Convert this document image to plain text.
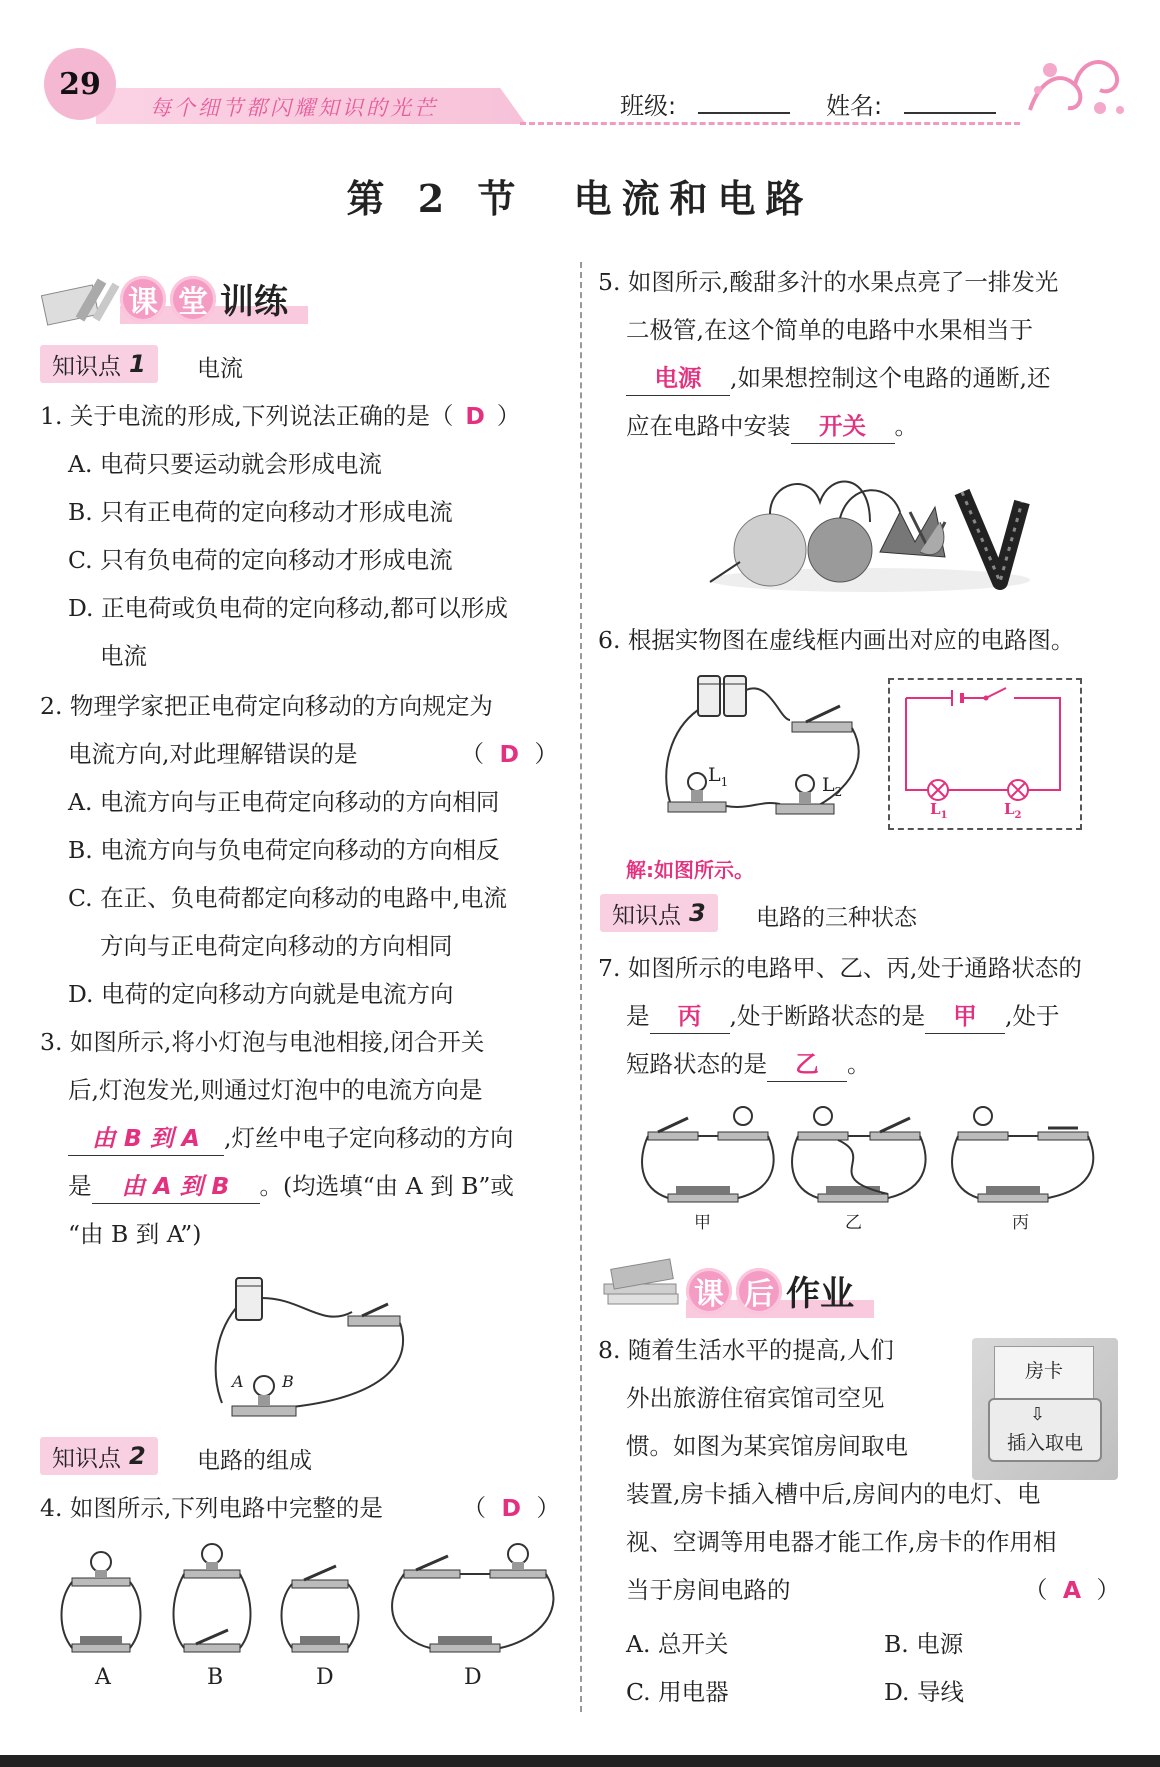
29
每个细节都闪耀知识的光芒	班级:	姓名:
第 2 节　电流和电路
课 堂 训练
知识点 1 电流
1. 关于电流的形成,下列说法正确的是（ D ）
A. 电荷只要运动就会形成电流
B. 只有正电荷的定向移动才形成电流
C. 只有负电荷的定向移动才形成电流
D. 正电荷或负电荷的定向移动,都可以形成
电流
2. 物理学家把正电荷定向移动的方向规定为
电流方向,对此理解错误的是	（ D ）
A. 电流方向与正电荷定向移动的方向相同
B. 电流方向与负电荷定向移动的方向相反
C. 在正、负电荷都定向移动的电路中,电流
方向与正电荷定向移动的方向相同
D. 电荷的定向移动方向就是电流方向
3. 如图所示,将小灯泡与电池相接,闭合开关
后,灯泡发光,则通过灯泡中的电流方向是
由 B 到 A ,灯丝中电子定向移动的方向
是 由 A 到 B 。(均选填“由 A 到 B”或
“由 B 到 A”)
A B
知识点 2 电路的组成
4. 如图所示,下列电路中完整的是	（ D ）
A	B	D	D
5. 如图所示,酸甜多汁的水果点亮了一排发光
二极管,在这个简单的电路中水果相当于
电源 ,如果想控制这个电路的通断,还
应在电路中安装 开关 。
6. 根据实物图在虚线框内画出对应的电路图。
$L_1$	$L_2$
$L_1$	$L_2$
解:如图所示。
知识点 3 电路的三种状态
7. 如图所示的电路甲、乙、丙,处于通路状态的
是 丙 ,处于断路状态的是 甲 ,处于
短路状态的是 乙 。
甲	乙	丙
课 后 作业
8. 随着生活水平的提高,人们
外出旅游住宿宾馆司空见
惯。如图为某宾馆房间取电
房卡
⇩
插入取电
装置,房卡插入槽中后,房间内的电灯、电
视、空调等用电器才能工作,房卡的作用相
当于房间电路的	（ A ）
A. 总开关	B. 电源
C. 用电器	D. 导线
